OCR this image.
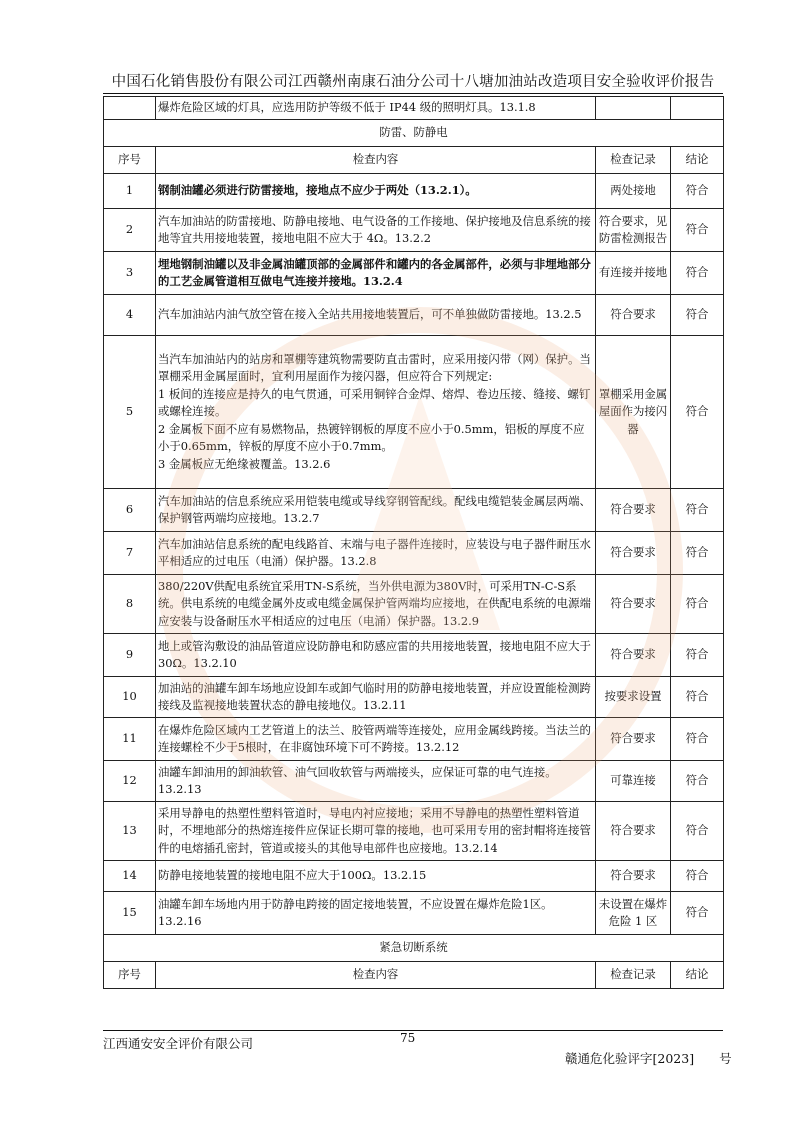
中国石化销售股份有限公司江西赣州南康石油分公司十八塘加油站改造项目安全验收评价报告
	爆炸危险区域的灯具，应选用防护等级不低于 IP44 级的照明灯具。13.1.8		
防雷、防静电			
序号	检查内容	检查记录	结论
1	钢制油罐必须进行防雷接地，接地点不应少于两处（13.2.1）。	两处接地	符合
2	汽车加油站的防雷接地、防静电接地、电气设备的工作接地、保护接地及信息系统的接地等宜共用接地装置，接地电阻不应大于 4Ω。13.2.2	符合要求，见防雷检测报告	符合
3	埋地钢制油罐以及非金属油罐顶部的金属部件和罐内的各金属部件，必须与非埋地部分的工艺金属管道相互做电气连接并接地。13.2.4	有连接并接地	符合
4	汽车加油站内油气放空管在接入全站共用接地装置后，可不单独做防雷接地。13.2.5	符合要求	符合
5	当汽车加油站内的站房和罩棚等建筑物需要防直击雷时，应采用接闪带（网）保护。当罩棚采用金属屋面时，宜利用屋面作为接闪器，但应符合下列规定:
1 板间的连接应是持久的电气贯通，可采用铜锌合金焊、熔焊、卷边压接、缝接、螺钉或螺栓连接。
2 金属板下面不应有易燃物品，热镀锌钢板的厚度不应小于0.5mm，铝板的厚度不应小于0.65mm，锌板的厚度不应小于0.7mm。
3 金属板应无绝缘被覆盖。13.2.6	罩棚采用金属屋面作为接闪器	符合
6	汽车加油站的信息系统应采用铠装电缆或导线穿钢管配线。配线电缆铠装金属层两端、保护钢管两端均应接地。13.2.7	符合要求	符合
7	汽车加油站信息系统的配电线路首、末端与电子器件连接时，应装设与电子器件耐压水平相适应的过电压（电涌）保护器。13.2.8	符合要求	符合
8	380/220V供配电系统宜采用TN-S系统，当外供电源为380V时，可采用TN-C-S系统。供电系统的电缆金属外皮或电缆金属保护管两端均应接地，在供配电系统的电源端应安装与设备耐压水平相适应的过电压（电涌）保护器。13.2.9	符合要求	符合
9	地上或管沟敷设的油品管道应设防静电和防感应雷的共用接地装置，接地电阻不应大于30Ω。13.2.10	符合要求	符合
10	加油站的油罐车卸车场地应设卸车或卸气临时用的防静电接地装置，并应设置能检测跨接线及监视接地装置状态的静电接地仪。13.2.11	按要求设置	符合
11	在爆炸危险区域内工艺管道上的法兰、胶管两端等连接处，应用金属线跨接。当法兰的连接螺栓不少于5根时，在非腐蚀环境下可不跨接。13.2.12	符合要求	符合
12	油罐车卸油用的卸油软管、油气回收软管与两端接头，应保证可靠的电气连接。13.2.13	可靠连接	符合
13	采用导静电的热塑性塑料管道时，导电内衬应接地；采用不导静电的热塑性塑料管道时，不埋地部分的热熔连接件应保证长期可靠的接地，也可采用专用的密封帽将连接管件的电熔插孔密封，管道或接头的其他导电部件也应接地。13.2.14	符合要求	符合
14	防静电接地装置的接地电阻不应大于100Ω。13.2.15	符合要求	符合
15	油罐车卸车场地内用于防静电跨接的固定接地装置，不应设置在爆炸危险1区。13.2.16	未设置在爆炸危险 1 区	符合
紧急切断系统			
序号	检查内容	检查记录	结论
江西通安安全评价有限公司	75
赣通危化验评字[2023]　　号
